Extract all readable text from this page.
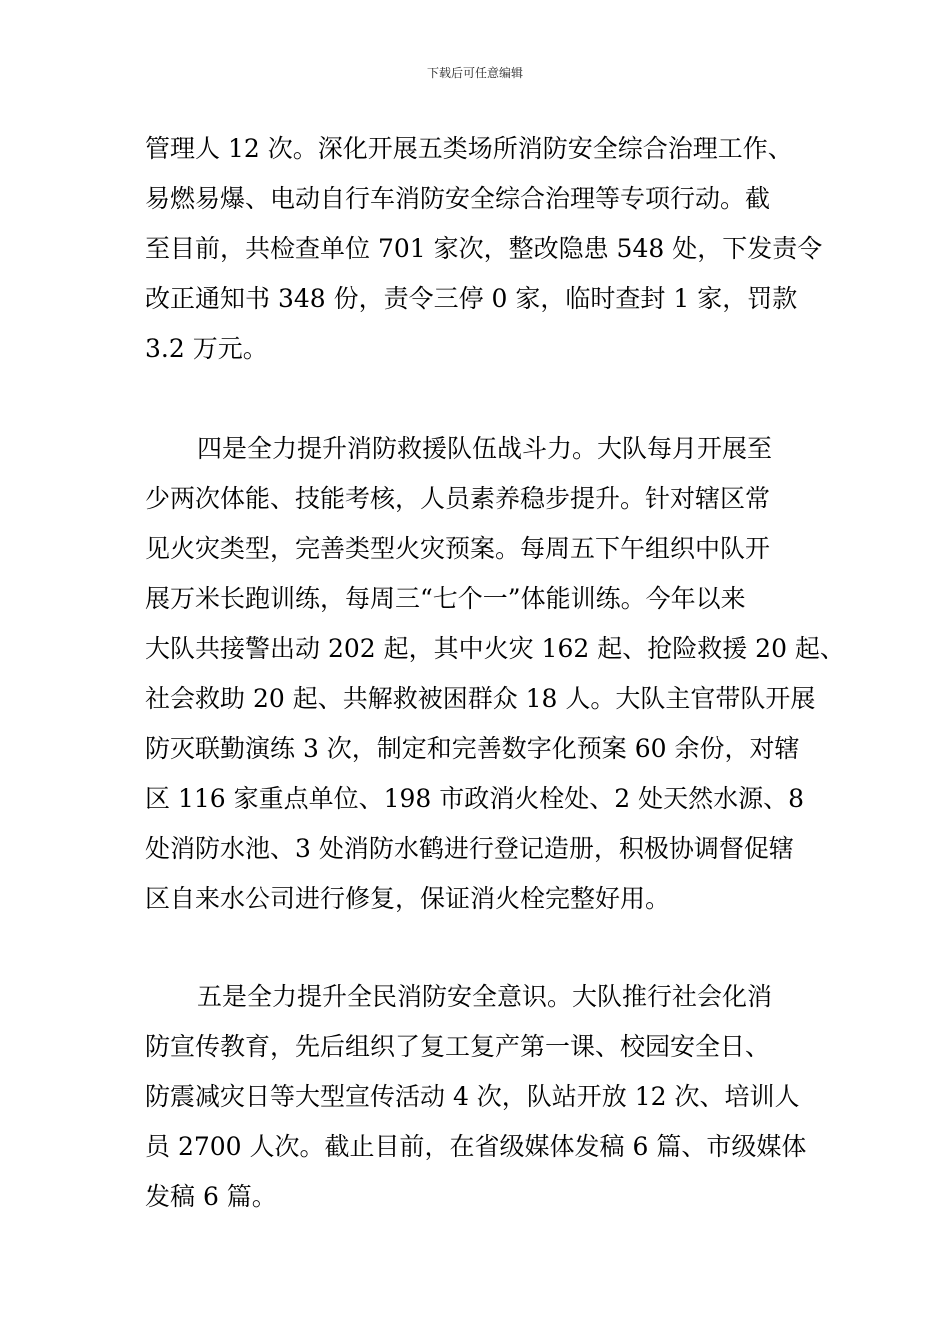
下载后可任意编辑
管理人 12 次。深化开展五类场所消防安全综合治理工作、
易燃易爆、电动自行车消防安全综合治理等专项行动。截
至目前，共检查单位 701 家次，整改隐患 548 处，下发责令
改正通知书 348 份，责令三停 0 家，临时查封 1 家，罚款
3.2 万元。
四是全力提升消防救援队伍战斗力。大队每月开展至
少两次体能、技能考核，人员素养稳步提升。针对辖区常
见火灾类型，完善类型火灾预案。每周五下午组织中队开
展万米长跑训练，每周三“七个一”体能训练。今年以来
大队共接警出动 202 起，其中火灾 162 起、抢险救援 20 起、
社会救助 20 起、共解救被困群众 18 人。大队主官带队开展
防灭联勤演练 3 次，制定和完善数字化预案 60 余份，对辖
区 116 家重点单位、198 市政消火栓处、2 处天然水源、8
处消防水池、3 处消防水鹤进行登记造册，积极协调督促辖
区自来水公司进行修复，保证消火栓完整好用。
五是全力提升全民消防安全意识。大队推行社会化消
防宣传教育，先后组织了复工复产第一课、校园安全日、
防震减灾日等大型宣传活动 4 次，队站开放 12 次、培训人
员 2700 人次。截止目前，在省级媒体发稿 6 篇、市级媒体
发稿 6 篇。
